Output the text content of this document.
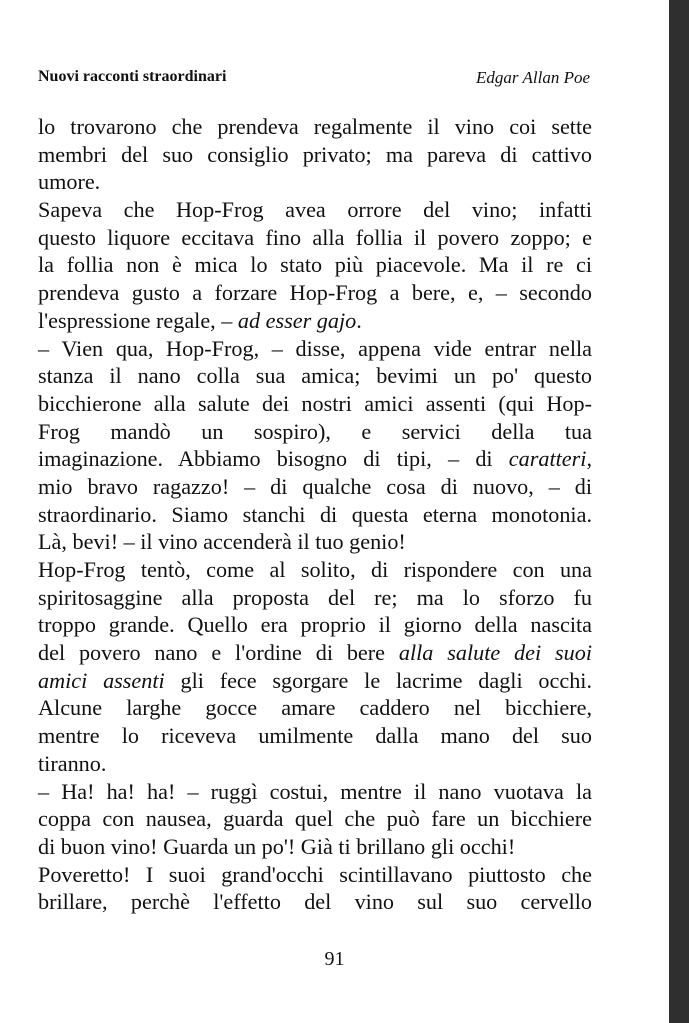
Nuovi racconti straordinari	Edgar Allan Poe
lo trovarono che prendeva regalmente il vino coi sette
membri del suo consiglio privato; ma pareva di cattivo
umore.
Sapeva che Hop-Frog avea orrore del vino; infatti
questo liquore eccitava fino alla follia il povero zoppo; e
la follia non è mica lo stato più piacevole. Ma il re ci
prendeva gusto a forzare Hop-Frog a bere, e, – secondo
l'espressione regale, – ad esser gajo.
– Vien qua, Hop-Frog, – disse, appena vide entrar nella
stanza il nano colla sua amica; bevimi un po' questo
bicchierone alla salute dei nostri amici assenti (qui Hop-
Frog mandò un sospiro), e servici della tua
imaginazione. Abbiamo bisogno di tipi, – di caratteri,
mio bravo ragazzo! – di qualche cosa di nuovo, – di
straordinario. Siamo stanchi di questa eterna monotonia.
Là, bevi! – il vino accenderà il tuo genio!
Hop-Frog tentò, come al solito, di rispondere con una
spiritosaggine alla proposta del re; ma lo sforzo fu
troppo grande. Quello era proprio il giorno della nascita
del povero nano e l'ordine di bere alla salute dei suoi
amici assenti gli fece sgorgare le lacrime dagli occhi.
Alcune larghe gocce amare caddero nel bicchiere,
mentre lo riceveva umilmente dalla mano del suo
tiranno.
– Ha! ha! ha! – ruggì costui, mentre il nano vuotava la
coppa con nausea, guarda quel che può fare un bicchiere
di buon vino! Guarda un po'! Già ti brillano gli occhi!
Poveretto! I suoi grand'occhi scintillavano piuttosto che
brillare, perchè l'effetto del vino sul suo cervello
91
